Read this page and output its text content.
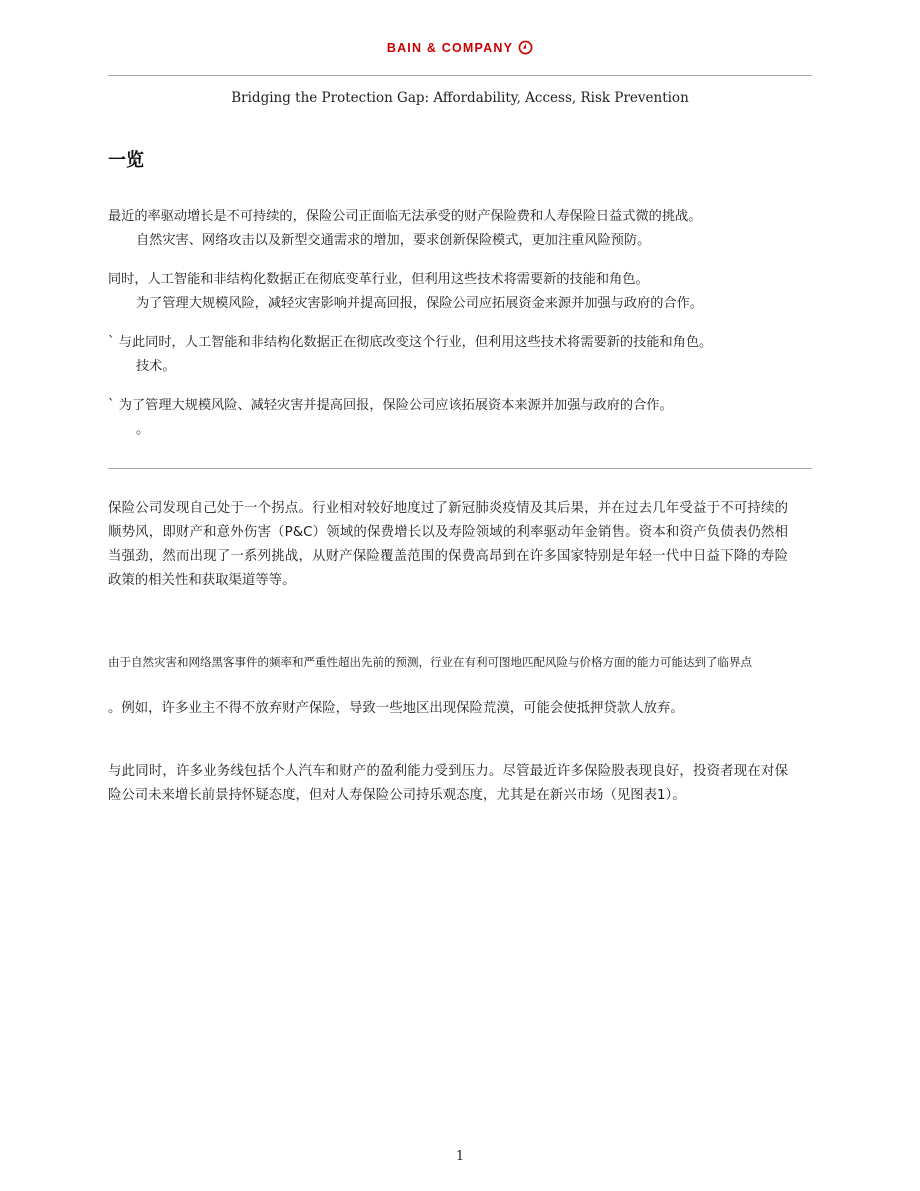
BAIN & COMPANY
Bridging the Protection Gap: Affordability, Access, Risk Prevention
一览
最近的率驱动增长是不可持续的，保险公司正面临无法承受的财产保险费和人寿保险日益式微的挑战。
自然灾害、网络攻击以及新型交通需求的增加，要求创新保险模式，更加注重风险预防。
同时，人工智能和非结构化数据正在彻底变革行业，但利用这些技术将需要新的技能和角色。
为了管理大规模风险，减轻灾害影响并提高回报，保险公司应拓展资金来源并加强与政府的合作。
` 与此同时，人工智能和非结构化数据正在彻底改变这个行业，但利用这些技术将需要新的技能和角色。
技术。
` 为了管理大规模风险、减轻灾害并提高回报，保险公司应该拓展资本来源并加强与政府的合作。
。

保险公司发现自己处于一个拐点。行业相对较好地度过了新冠肺炎疫情及其后果，并在过去几年受益于不可持续的顺势风，即财产和意外伤害（P&C）领域的保费增长以及寿险领域的利率驱动年金销售。资本和资产负债表仍然相当强劲，然而出现了一系列挑战，从财产保险覆盖范围的保费高昂到在许多国家特别是年轻一代中日益下降的寿险政策的相关性和获取渠道等等。

由于自然灾害和网络黑客事件的频率和严重性超出先前的预测，行业在有利可图地匹配风险与价格方面的能力可能达到了临界点

。例如，许多业主不得不放弃财产保险，导致一些地区出现保险荒漠，可能会使抵押贷款人放弃。

与此同时，许多业务线包括个人汽车和财产的盈利能力受到压力。尽管最近许多保险股表现良好，投资者现在对保险公司未来增长前景持怀疑态度，但对人寿保险公司持乐观态度，尤其是在新兴市场（见图表1）。

1
